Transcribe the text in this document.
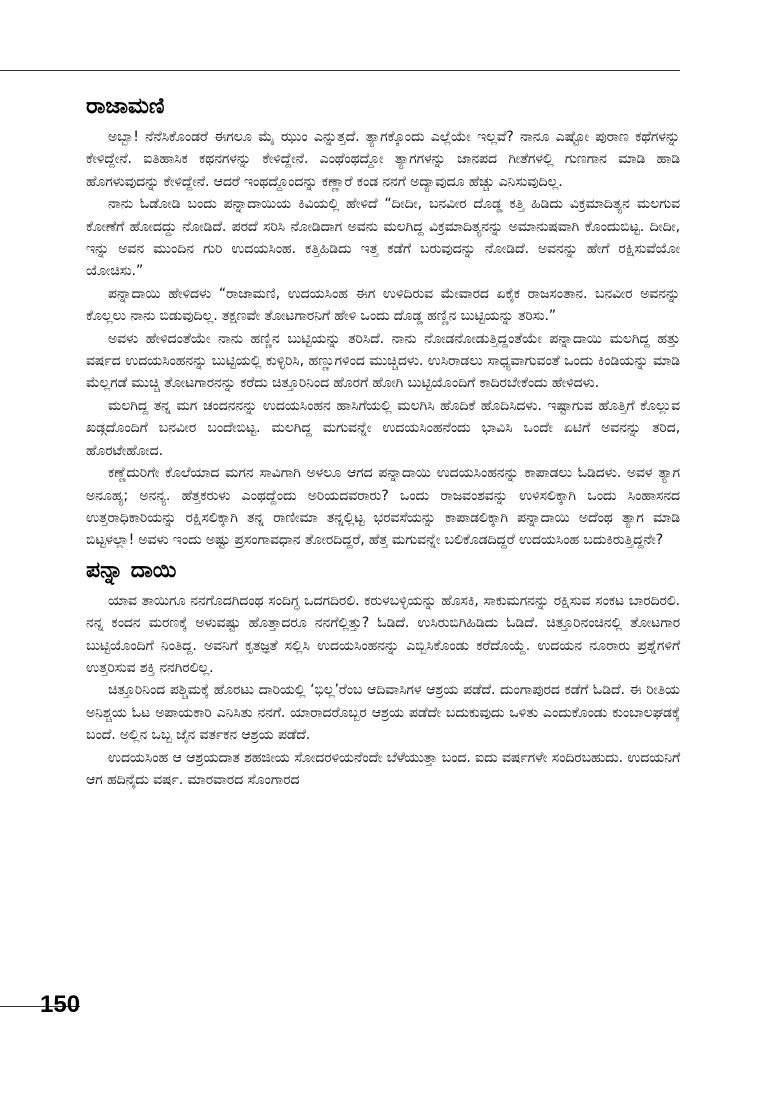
ರಾಜಾಮಣಿ

ಅಬ್ಬಾ! ನೆನೆಸಿಕೊಂಡರೆ ಈಗಲೂ ಮೈ ಝುಂ ಎನ್ನುತ್ತದೆ. ತ್ಯಾಗಕ್ಕೊಂದು ಎಲ್ಲೆಯೇ ಇಲ್ಲವೆ? ನಾನೂ ಎಷ್ಟೋ ಪುರಾಣ ಕಥೆಗಳನ್ನು ಕೇಳಿದ್ದೇನೆ. ಐತಿಹಾಸಿಕ ಕಥನಗಳನ್ನು ಕೇಳಿದ್ದೇನೆ. ಎಂಥೆಂಥದ್ದೋ ತ್ಯಾಗಗಳನ್ನು ಜಾನಪದ ಗೀತೆಗಳಲ್ಲಿ ಗುಣಗಾನ ಮಾಡಿ ಹಾಡಿ ಹೊಗಳುವುದನ್ನು ಕೇಳಿದ್ದೇನೆ. ಆದರೆ ಇಂಥದ್ದೊಂದನ್ನು ಕಣ್ಣಾರೆ ಕಂಡ ನನಗೆ ಅದ್ಯಾವುದೂ ಹೆಚ್ಚು ಎನಿಸುವುದಿಲ್ಲ.

ನಾನು ಓಡೋಡಿ ಬಂದು ಪನ್ನಾದಾಯಿಯ ಕಿವಿಯಲ್ಲಿ ಹೇಳಿದೆ “ದೀದೀ, ಬನವೀರ ದೊಡ್ಡ ಕತ್ತಿ ಹಿಡಿದು ವಿಕ್ರಮಾದಿತ್ಯನ ಮಲಗುವ ಕೋಣೆಗೆ ಹೋದದ್ದು ನೋಡಿದೆ. ಪರದೆ ಸರಿಸಿ ನೋಡಿದಾಗ ಅವನು ಮಲಗಿದ್ದ ವಿಕ್ರಮಾದಿತ್ಯನನ್ನು ಅಮಾನುಷವಾಗಿ ಕೊಂದುಬಿಟ್ಟ. ದೀದೀ, ಇನ್ನು ಅವನ ಮುಂದಿನ ಗುರಿ ಉದಯಸಿಂಹ. ಕತ್ತಿಹಿಡಿದು ಇತ್ತ ಕಡೆಗೆ ಬರುವುದನ್ನು ನೋಡಿದೆ. ಅವನನ್ನು ಹೇಗೆ ರಕ್ಷಿಸುವೆಯೋ ಯೋಚಿಸು.”

ಪನ್ನಾದಾಯಿ ಹೇಳಿದಳು “ರಾಜಾಮಣಿ, ಉದಯಸಿಂಹ ಈಗ ಉಳಿದಿರುವ ಮೇವಾರದ ಏಕೈಕ ರಾಜಸಂತಾನ. ಬನವೀರ ಅವನನ್ನು ಕೊಲ್ಲಲು ನಾನು ಬಿಡುವುದಿಲ್ಲ. ತಕ್ಷಣವೇ ತೋಟಗಾರನಿಗೆ ಹೇಳಿ ಒಂದು ದೊಡ್ಡ ಹಣ್ಣಿನ ಬುಟ್ಟಿಯನ್ನು ತರಿಸು.”

ಅವಳು ಹೇಳಿದಂತೆಯೇ ನಾನು ಹಣ್ಣಿನ ಬುಟ್ಟಿಯನ್ನು ತರಿಸಿದೆ. ನಾನು ನೋಡನೋಡುತ್ತಿದ್ದಂತೆಯೇ ಪನ್ನಾದಾಯಿ ಮಲಗಿದ್ದ ಹತ್ತು ವರ್ಷದ ಉದಯಸಿಂಹನನ್ನು ಬುಟ್ಟಿಯಲ್ಲಿ ಕುಳ್ಳಿರಿಸಿ, ಹಣ್ಣುಗಳಿಂದ ಮುಚ್ಚಿದಳು. ಉಸಿರಾಡಲು ಸಾಧ್ಯವಾಗುವಂತೆ ಒಂದು ಕಿಂಡಿಯನ್ನು ಮಾಡಿ ಮೆಲ್ಲಗಡೆ ಮುಚ್ಚಿ ತೋಟಗಾರನನ್ನು ಕರೆದು ಚಿತ್ತೂರಿನಿಂದ ಹೊರಗೆ ಹೋಗಿ ಬುಟ್ಟಿಯೊಂದಿಗೆ ಕಾದಿರಬೇಕೆಂದು ಹೇಳಿದಳು.

ಮಲಗಿದ್ದ ತನ್ನ ಮಗ ಚಂದನನನ್ನು ಉದಯಸಿಂಹನ ಹಾಸಿಗೆಯಲ್ಲಿ ಮಲಗಿಸಿ ಹೊದಿಕೆ ಹೊದಿಸಿದಳು. ಇಷ್ಟಾಗುವ ಹೊತ್ತಿಗೆ ಕೊಲ್ಲುವ ಖಡ್ಗದೊಂದಿಗೆ ಬನವೀರ ಬಂದೇಬಿಟ್ಟ. ಮಲಗಿದ್ದ ಮಗುವನ್ನೇ ಉದಯಸಿಂಹನೆಂದು ಭಾವಿಸಿ ಒಂದೇ ಏಟಿಗೆ ಅವನನ್ನು ತರಿದ, ಹೊರಟೇಹೋದ.

ಕಣ್ಣೆದುರಿಗೇ ಕೊಲೆಯಾದ ಮಗನ ಸಾವಿಗಾಗಿ ಅಳಲೂ ಆಗದ ಪನ್ನಾದಾಯಿ ಉದಯಸಿಂಹನನ್ನು ಕಾಪಾಡಲು ಓಡಿದಳು. ಅವಳ ತ್ಯಾಗ ಅನೂಹ್ಯ; ಅನನ್ಯ. ಹೆತ್ತಕರುಳು ಎಂಥದ್ದೆಂದು ಅರಿಯದವರಾರು? ಒಂದು ರಾಜವಂಶವನ್ನು ಉಳಿಸಲಿಕ್ಕಾಗಿ ಒಂದು ಸಿಂಹಾಸನದ ಉತ್ತರಾಧಿಕಾರಿಯನ್ನು ರಕ್ಷಿಸಲಿಕ್ಕಾಗಿ ತನ್ನ ರಾಣೀಮಾ ತನ್ನಲ್ಲಿಟ್ಟ ಭರವಸೆಯನ್ನು ಕಾಪಾಡಲಿಕ್ಕಾಗಿ ಪನ್ನಾದಾಯಿ ಅದೆಂಥ ತ್ಯಾಗ ಮಾಡಿ ಬಿಟ್ಟಳಲ್ಲಾ! ಅವಳು ಇಂದು ಅಷ್ಟು ಪ್ರಸಂಗಾವಧಾನ ತೋರದಿದ್ದರೆ, ಹೆತ್ತ ಮಗುವನ್ನೇ ಬಲಿಕೊಡದಿದ್ದರೆ ಉದಯಸಿಂಹ ಬದುಕಿರುತ್ತಿದ್ದನೇ?

ಪನ್ನಾ ದಾಯಿ

ಯಾವ ತಾಯಿಗೂ ನನಗೊದಗಿದಂಥ ಸಂದಿಗ್ಧ ಒದಗದಿರಲಿ. ಕರುಳಬಳ್ಳಿಯನ್ನು ಹೊಸಕಿ, ಸಾಕುಮಗನನ್ನು ರಕ್ಷಿಸುವ ಸಂಕಟ ಬಾರದಿರಲಿ. ನನ್ನ ಕಂದನ ಮರಣಕ್ಕೆ ಅಳುವಷ್ಟು ಹೊತ್ತಾದರೂ ನನಗೆಲ್ಲಿತ್ತು? ಓಡಿದೆ. ಉಸಿರುಬಿಗಿಹಿಡಿದು ಓಡಿದೆ. ಚಿತ್ತೂರಿನಂಚಿನಲ್ಲಿ ತೋಟಗಾರ ಬುಟ್ಟಿಯೊಂದಿಗೆ ನಿಂತಿದ್ದ. ಅವನಿಗೆ ಕೃತಜ್ಞತೆ ಸಲ್ಲಿಸಿ ಉದಯಸಿಂಹನನ್ನು ಎಬ್ಬಿಸಿಕೊಂಡು ಕರೆದೊಯ್ದೆ. ಉದಯನ ನೂರಾರು ಪ್ರಶ್ನೆಗಳಿಗೆ ಉತ್ತರಿಸುವ ಶಕ್ತಿ ನನಗಿರಲಿಲ್ಲ.

ಚಿತ್ತೂರಿನಿಂದ ಪಶ್ಚಿಮಕ್ಕೆ ಹೊರಟು ದಾರಿಯಲ್ಲಿ ‘ಭಿಲ್ಲ’ರೆಂಬ ಆದಿವಾಸಿಗಳ ಆಶ್ರಯ ಪಡೆದೆ. ದುಂಗಾಪುರದ ಕಡೆಗೆ ಓಡಿದೆ. ಈ ರೀತಿಯ ಅನಿಶ್ಚಯ ಓಟ ಅಪಾಯಕಾರಿ ಎನಿಸಿತು ನನಗೆ. ಯಾರಾದರೊಬ್ಬರ ಆಶ್ರಯ ಪಡೆದೇ ಬದುಕುವುದು ಒಳಿತು ಎಂದುಕೊಂಡು ಕುಂಬಾಲಘಡಕ್ಕೆ ಬಂದೆ. ಅಲ್ಲಿನ ಒಬ್ಬ ಜೈನ ವರ್ತಕನ ಆಶ್ರಯ ಪಡೆದೆ.

ಉದಯಸಿಂಹ ಆ ಆಶ್ರಯದಾತ ಶಹಜೀಯ ಸೋದರಳಿಯನೆಂದೇ ಬೆಳೆಯುತ್ತಾ ಬಂದ. ಐದು ವರ್ಷಗಳೇ ಸಂದಿರಬಹುದು. ಉದಯನಿಗೆ ಆಗ ಹದಿನೈದು ವರ್ಷ. ಮಾರವಾರದ ಸೊಂಗಾರದ

150
